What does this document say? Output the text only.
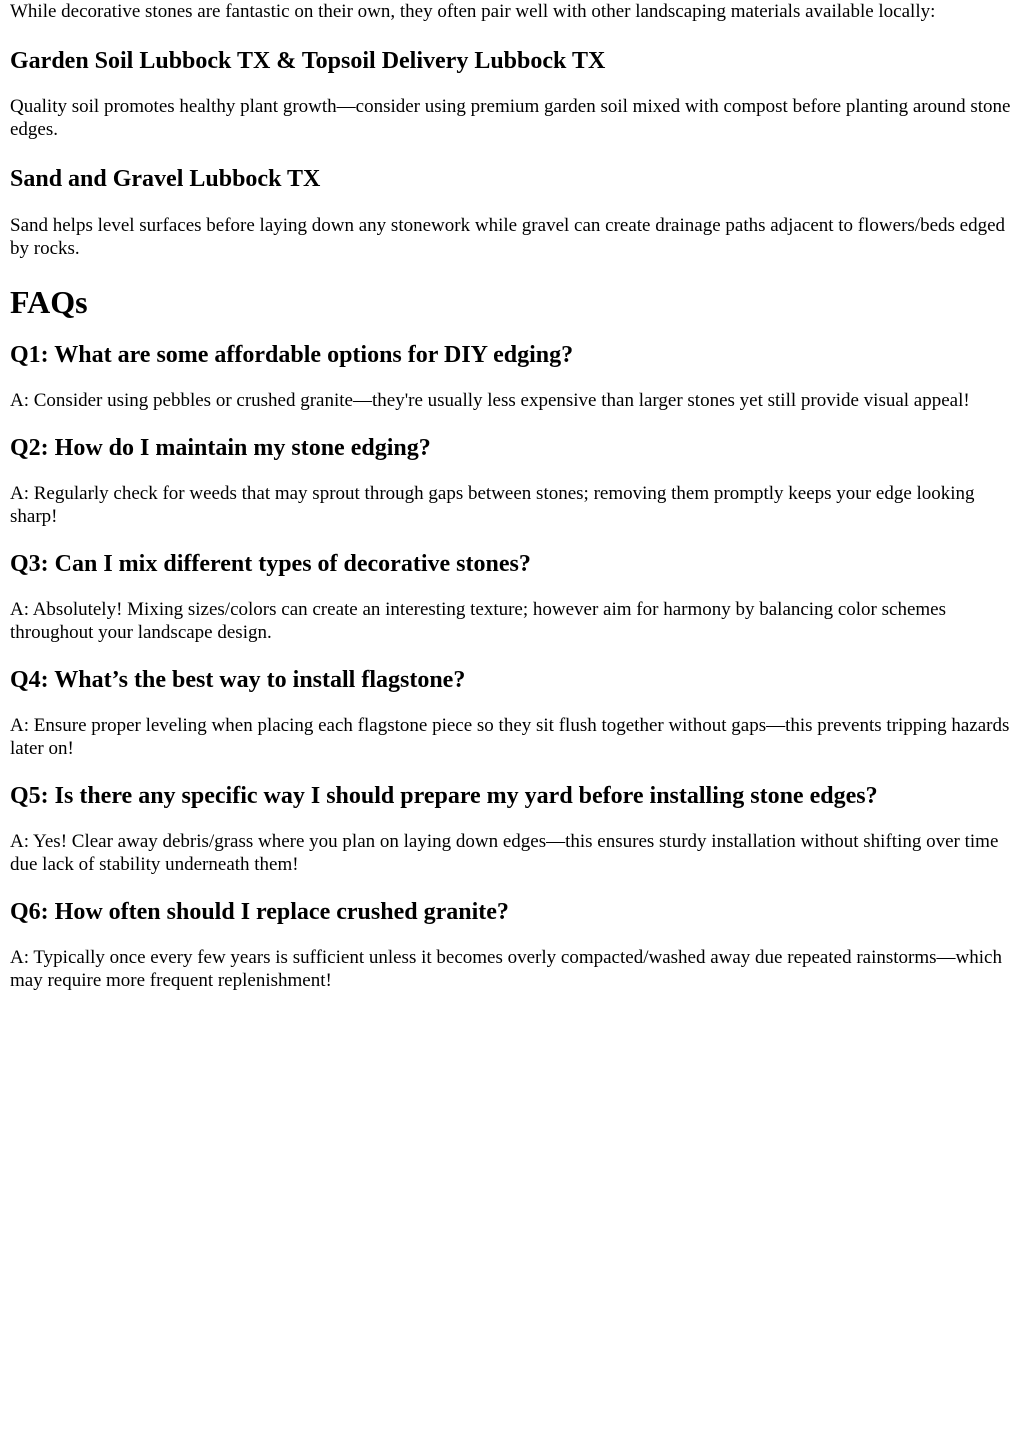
While decorative stones are fantastic on their own, they often pair well with other landscaping materials available locally:

Garden Soil Lubbock TX & Topsoil Delivery Lubbock TX

Quality soil promotes healthy plant growth—consider using premium garden soil mixed with compost before planting around stone edges.

Sand and Gravel Lubbock TX

Sand helps level surfaces before laying down any stonework while gravel can create drainage paths adjacent to flowers/beds edged by rocks.

FAQs
Q1: What are some affordable options for DIY edging?

A: Consider using pebbles or crushed granite—they're usually less expensive than larger stones yet still provide visual appeal!

Q2: How do I maintain my stone edging?

A: Regularly check for weeds that may sprout through gaps between stones; removing them promptly keeps your edge looking sharp!

Q3: Can I mix different types of decorative stones?

A: Absolutely! Mixing sizes/colors can create an interesting texture; however aim for harmony by balancing color schemes throughout your landscape design.

Q4: What’s the best way to install flagstone?

A: Ensure proper leveling when placing each flagstone piece so they sit flush together without gaps—this prevents tripping hazards later on!

Q5: Is there any specific way I should prepare my yard before installing stone edges?

A: Yes! Clear away debris/grass where you plan on laying down edges—this ensures sturdy installation without shifting over time due lack of stability underneath them!

Q6: How often should I replace crushed granite?

A: Typically once every few years is sufficient unless it becomes overly compacted/washed away due repeated rainstorms—which may require more frequent replenishment!
